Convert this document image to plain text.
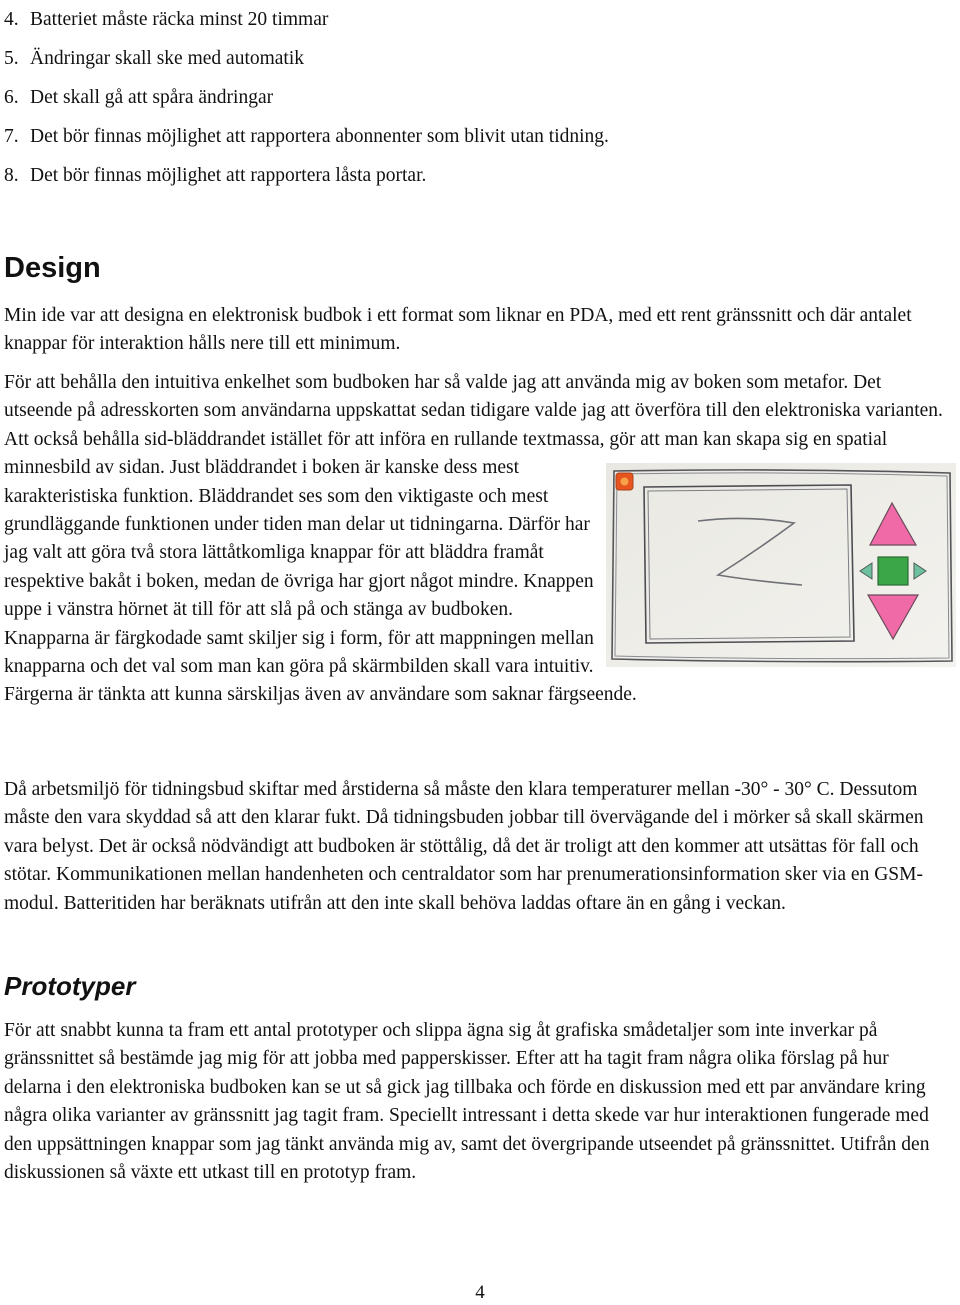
4. Batteriet måste räcka minst 20 timmar
5. Ändringar skall ske med automatik
6. Det skall gå att spåra ändringar
7. Det bör finnas möjlighet att rapportera abonnenter som blivit utan tidning.
8. Det bör finnas möjlighet att rapportera låsta portar.
Design

Min ide var att designa en elektronisk budbok i ett format som liknar en PDA, med ett rent gränssnitt och där antalet knappar för interaktion hålls nere till ett minimum.

För att behålla den intuitiva enkelhet som budboken har så valde jag att använda mig av boken som metafor. Det utseende på adresskorten som användarna uppskattat sedan tidigare valde jag att överföra till den elektroniska varianten. Att också behålla sid-bläddrandet istället för att införa en rullande textmassa, gör att man kan skapa sig en spatial minnesbild av sidan. Just bläddrandet i boken är kanske dess mest karakteristiska funktion. Bläddrandet ses som den viktigaste och mest grundläggande funktionen under tiden man delar ut tidningarna. Därför har jag valt att göra två stora lättåtkomliga knappar för att bläddra framåt respektive bakåt i boken, medan de övriga har gjort något mindre. Knappen uppe i vänstra hörnet ät till för att slå på och stänga av budboken. Knapparna är färgkodade samt skiljer sig i form, för att mappningen mellan knapparna och det val som man kan göra på skärmbilden skall vara intuitiv. Färgerna är tänkta att kunna särskiljas även av användare som saknar färgseende.

Då arbetsmiljö för tidningsbud skiftar med årstiderna så måste den klara temperaturer mellan -30° - 30° C. Dessutom måste den vara skyddad så att den klarar fukt. Då tidningsbuden jobbar till övervägande del i mörker så skall skärmen vara belyst. Det är också nödvändigt att budboken är stöttålig, då det är troligt att den kommer att utsättas för fall och stötar. Kommunikationen mellan handenheten och centraldator som har prenumerationsinformation sker via en GSM-modul. Batteritiden har beräknats utifrån att den inte skall behöva laddas oftare än en gång i veckan.

Prototyper

För att snabbt kunna ta fram ett antal prototyper och slippa ägna sig åt grafiska smådetaljer som inte inverkar på gränssnittet så bestämde jag mig för att jobba med papperskisser. Efter att ha tagit fram några olika förslag på hur delarna i den elektroniska budboken kan se ut så gick jag tillbaka och förde en diskussion med ett par användare kring några olika varianter av gränssnitt jag tagit fram. Speciellt intressant i detta skede var hur interaktionen fungerade med den uppsättningen knappar som jag tänkt använda mig av, samt det övergripande utseendet på gränssnittet. Utifrån den diskussionen så växte ett utkast till en prototyp fram.

4
